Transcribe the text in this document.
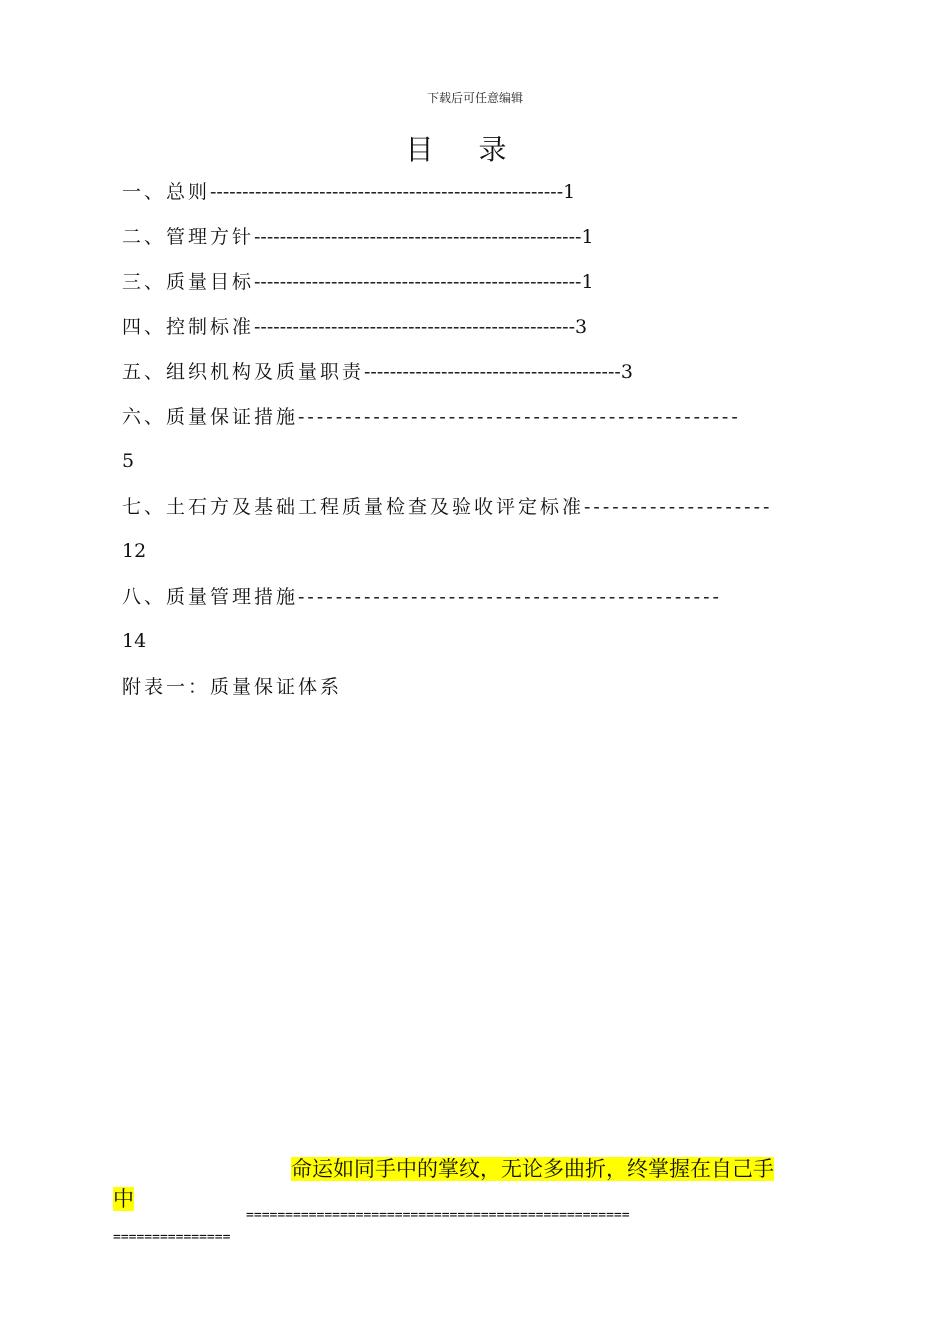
下载后可任意编辑
目 录
一、总则-------------------------------------------------------1
二、管理方针---------------------------------------------------1
三、质量目标---------------------------------------------------1
四、控制标准--------------------------------------------------3
五、组织机构及质量职责----------------------------------------3
六、质量保证措施-----------------------------------------------
5
七、土石方及基础工程质量检查及验收评定标准--------------------
12
八、质量管理措施---------------------------------------------
14
附表一：质量保证体系
命运如同手中的掌纹，无论多曲折，终掌握在自己手
中
=================================================
===============
